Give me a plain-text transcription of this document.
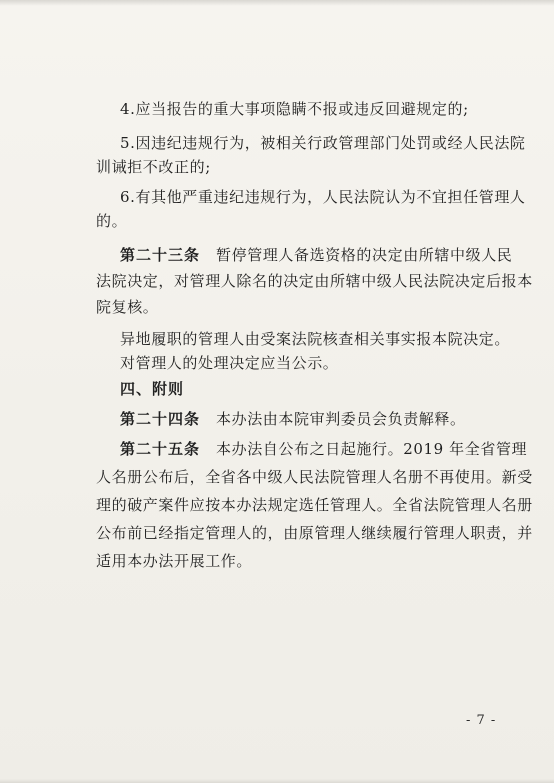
4.应当报告的重大事项隐瞒不报或违反回避规定的;
5.因违纪违规行为，被相关行政管理部门处罚或经人民法院
训诫拒不改正的;
6.有其他严重违纪违规行为，人民法院认为不宜担任管理人
的。
第二十三条 暂停管理人备选资格的决定由所辖中级人民
法院决定，对管理人除名的决定由所辖中级人民法院决定后报本
院复核。
异地履职的管理人由受案法院核查相关事实报本院决定。
对管理人的处理决定应当公示。
四、附则
第二十四条 本办法由本院审判委员会负责解释。
第二十五条 本办法自公布之日起施行。2019 年全省管理
人名册公布后，全省各中级人民法院管理人名册不再使用。新受
理的破产案件应按本办法规定选任管理人。全省法院管理人名册
公布前已经指定管理人的，由原管理人继续履行管理人职责，并
适用本办法开展工作。
- 7 -
